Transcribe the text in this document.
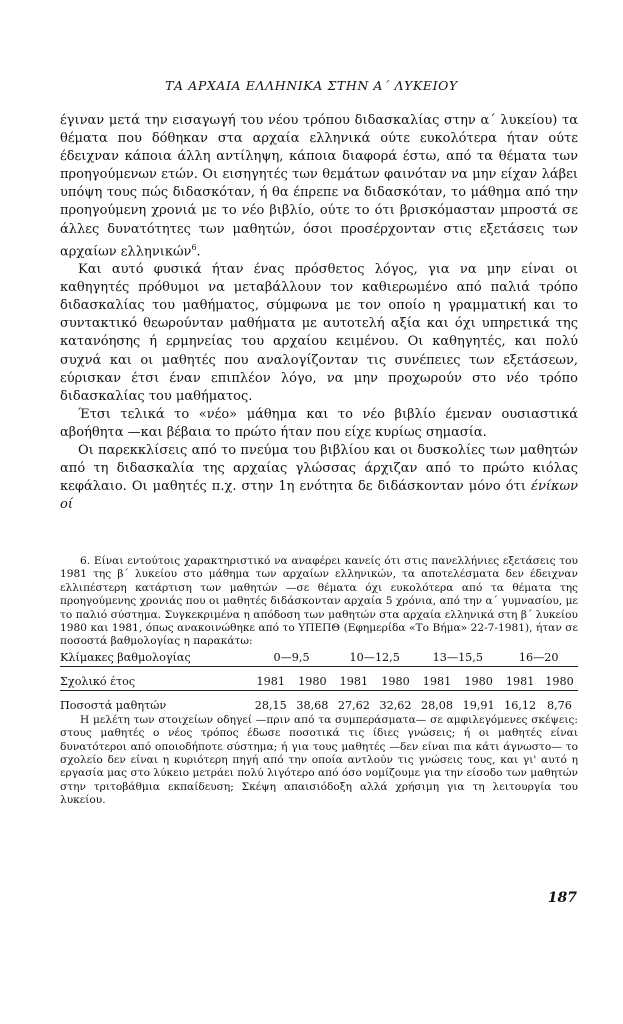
ΤΑ ΑΡΧΑΙΑ ΕΛΛΗΝΙΚΑ ΣΤΗΝ Α΄ ΛΥΚΕΙΟΥ

έγιναν μετά την εισαγωγή του νέου τρόπου διδασκαλίας στην α΄ λυκείου) τα θέματα που δόθηκαν στα αρχαία ελληνικά ούτε ευκολότερα ήταν ούτε έδειχναν κάποια άλλη αντίληψη, κάποια διαφορά έστω, από τα θέματα των προηγούμενων ετών. Οι εισηγητές των θεμάτων φαινόταν να μην είχαν λάβει υπόψη τους πώς διδασκόταν, ή θα έπρεπε να διδασκόταν, το μάθημα από την προηγούμενη χρονιά με το νέο βιβλίο, ούτε το ότι βρισκόμασταν μπροστά σε άλλες δυνατότητες των μαθητών, όσοι προσέρχονταν στις εξετάσεις των αρχαίων ελληνικών$^6$.

Και αυτό φυσικά ήταν ένας πρόσθετος λόγος, για να μην είναι οι καθηγητές πρόθυμοι να μεταβάλλουν τον καθιερωμένο από παλιά τρόπο διδασκαλίας του μαθήματος, σύμφωνα με τον οποίο η γραμματική και το συντακτικό θεωρούνταν μαθήματα με αυτοτελή αξία και όχι υπηρετικά της κατανόησης ή ερμηνείας του αρχαίου κειμένου. Οι καθηγητές, και πολύ συχνά και οι μαθητές που αναλογίζονταν τις συνέπειες των εξετάσεων, εύρισκαν έτσι έναν επιπλέον λόγο, να μην προχωρούν στο νέο τρόπο διδασκαλίας του μαθήματος.

Έτσι τελικά το «νέο» μάθημα και το νέο βιβλίο έμεναν ουσιαστικά αβοήθητα —και βέβαια το πρώτο ήταν που είχε κυρίως σημασία.

Οι παρεκκλίσεις από το πνεύμα του βιβλίου και οι δυσκολίες των μαθητών από τη διδασκαλία της αρχαίας γλώσσας άρχιζαν από το πρώτο κιόλας κεφάλαιο. Οι μαθητές π.χ. στην 1η ενότητα δε διδάσκονταν μόνο ότι ένίκων οί

6. Είναι εντούτοις χαρακτηριστικό να αναφέρει κανείς ότι στις πανελλήνιες εξετάσεις του 1981 της β΄ λυκείου στο μάθημα των αρχαίων ελληνικών, τα αποτελέσματα δεν έδειχναν ελλιπέστερη κατάρτιση των μαθητών —σε θέματα όχι ευκολότερα από τα θέματα της προηγούμενης χρονιάς που οι μαθητές διδάσκονταν αρχαία 5 χρόνια, από την α΄ γυμνασίου, με το παλιό σύστημα. Συγκεκριμένα η απόδοση των μαθητών στα αρχαία ελληνικά στη β΄ λυκείου 1980 και 1981, όπως ανακοινώθηκε από το ΥΠΕΠΘ (Εφημερίδα «Το Βήμα» 22-7-1981), ήταν σε ποσοστά βαθμολογίας η παρακάτω:

Κλίμακες βαθμολογίας	0—9,5		10—12,5		13—15,5		16—20	

Σχολικό έτος	1981	1980	1981	1980	1981	1980	1981	1980

Ποσοστά μαθητών	28,15	38,68	27,62	32,62	28,08	19,91	16,12	8,76

Η μελέτη των στοιχείων οδηγεί —πριν από τα συμπεράσματα— σε αμφιλεγόμενες σκέψεις: στους μαθητές ο νέος τρόπος έδωσε ποσοτικά τις ίδιες γνώσεις; ή οι μαθητές είναι δυνατότεροι από οποιοδήποτε σύστημα; ή για τους μαθητές —δεν είναι πια κάτι άγνωστο— το σχολείο δεν είναι η κυριότερη πηγή από την οποία αντλούν τις γνώσεις τους, και γι' αυτό η εργασία μας στο λύκειο μετράει πολύ λιγότερο από όσο νομίζουμε για την είσοδο των μαθητών στην τριτοβάθμια εκπαίδευση; Σκέψη απαισιόδοξη αλλά χρήσιμη για τη λειτουργία του λυκείου.

187
